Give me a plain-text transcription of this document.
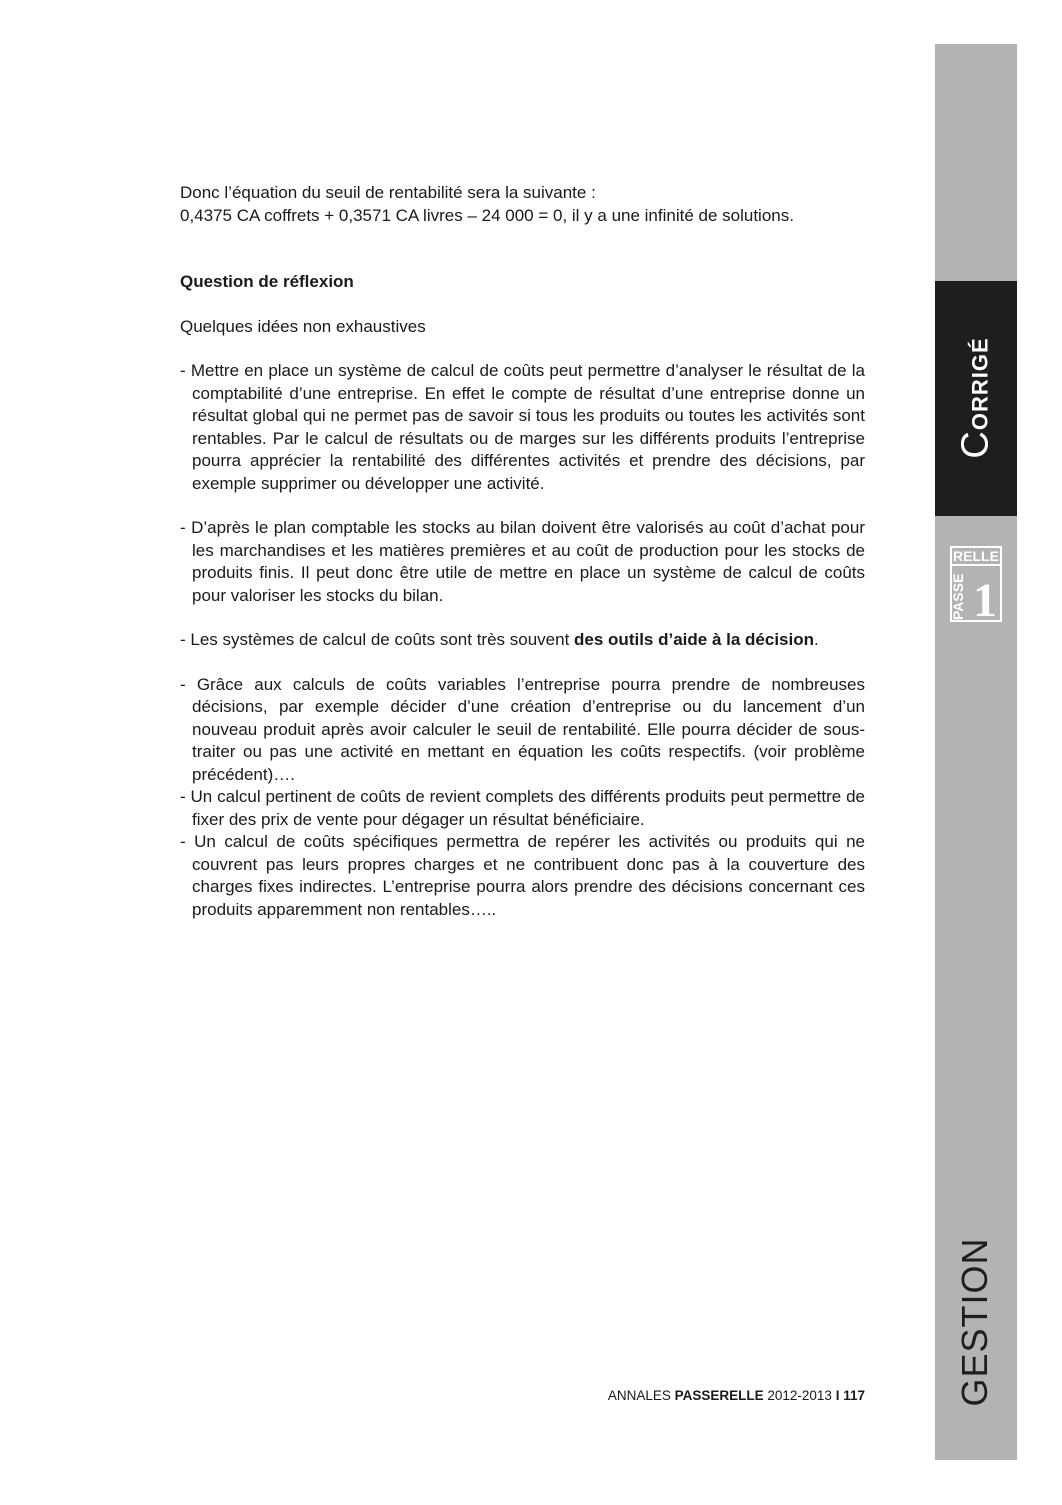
Donc l’équation du seuil de rentabilité sera la suivante :

0,4375 CA coffrets + 0,3571 CA livres – 24 000 = 0, il y a une infinité de solutions.

Question de réflexion

Quelques idées non exhaustives

- Mettre en place un système de calcul de coûts peut permettre d’analyser le résultat de la comptabilité d’une entreprise. En effet le compte de résultat d’une entreprise donne un résultat global qui ne permet pas de savoir si tous les produits ou toutes les activités sont rentables. Par le calcul de résultats ou de marges sur les différents produits l’entreprise pourra apprécier la rentabilité des différentes activités et prendre des décisions, par exemple supprimer ou développer une activité.

- D’après le plan comptable les stocks au bilan doivent être valorisés au coût d’achat pour les marchandises et les matières premières et au coût de production pour les stocks de produits finis. Il peut donc être utile de mettre en place un système de calcul de coûts pour valoriser les stocks du bilan.

- Les systèmes de calcul de coûts sont très souvent des outils d’aide à la décision.

- Grâce aux calculs de coûts variables l’entreprise pourra prendre de nombreuses décisions, par exemple décider d’une création d’entreprise ou du lancement d’un nouveau produit après avoir calculer le seuil de rentabilité. Elle pourra décider de sous-traiter ou pas une activité en mettant en équation les coûts respectifs. (voir problème précédent)….

- Un calcul pertinent de coûts de revient complets des différents produits peut permettre de fixer des prix de vente pour dégager un résultat bénéficiaire.

- Un calcul de coûts spécifiques permettra de repérer les activités ou produits qui ne couvrent pas leurs propres charges et ne contribuent donc pas à la couverture des charges fixes indirectes. L’entreprise pourra alors prendre des décisions concernant ces produits apparemment non rentables…..

ANNALES PASSERELLE 2012-2013 I 117
CORRIGÉ
RELLE
PASSE 1
GESTION
